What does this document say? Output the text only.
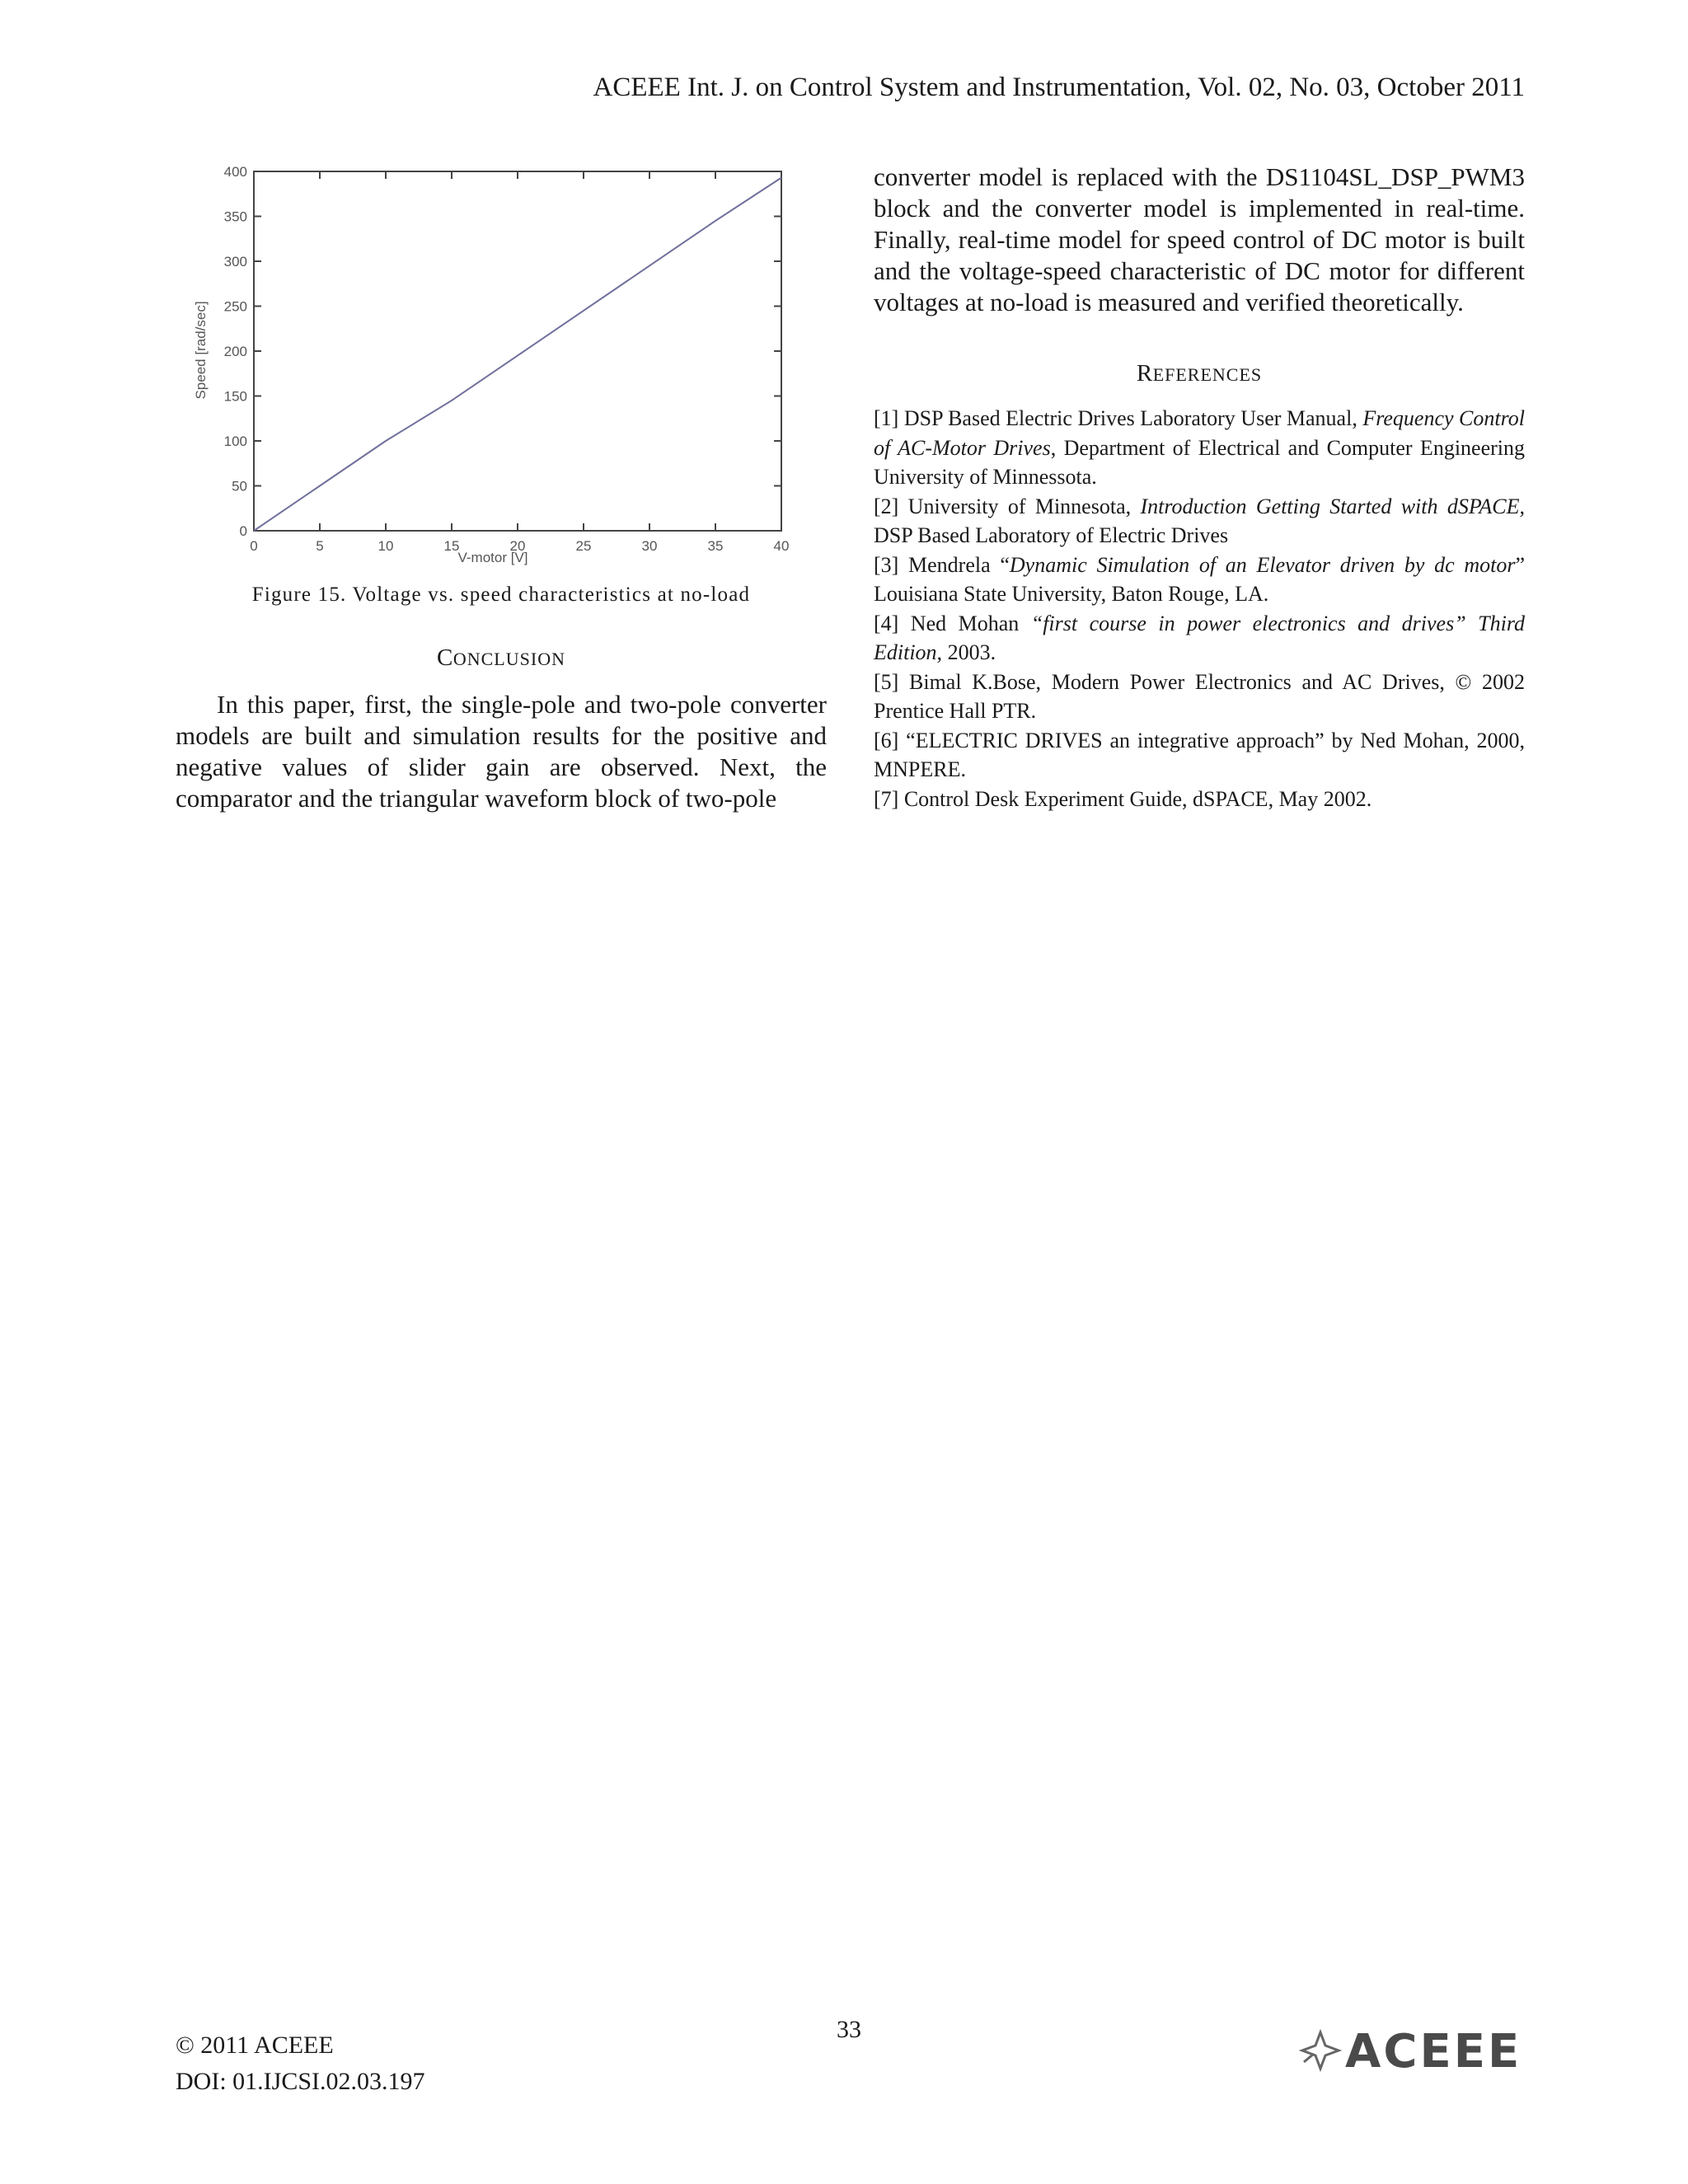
ACEEE Int. J. on Control System and Instrumentation, Vol. 02, No. 03, October 2011
0	5	10	15	20	25	30	35	40
0
50
100
150
200
250
300
350
400
V-motor [V]
Speed [rad/sec]
Figure 15. Voltage vs. speed characteristics at no-load
CONCLUSION

In this paper, first, the single-pole and two-pole converter models are built and simulation results for the positive and negative values of slider gain are observed. Next, the comparator and the triangular waveform block of two-pole

converter model is replaced with the DS1104SL_DSP_PWM3 block and the converter model is implemented in real-time. Finally, real-time model for speed control of DC motor is built and the voltage-speed characteristic of DC motor for different voltages at no-load is measured and verified theoretically.

REFERENCES

[1] DSP Based Electric Drives Laboratory User Manual, Frequency Control of AC-Motor Drives, Department of Electrical and Computer Engineering University of Minnessota.

[2] University of Minnesota, Introduction Getting Started with dSPACE, DSP Based Laboratory of Electric Drives

[3] Mendrela “Dynamic Simulation of an Elevator driven by dc motor” Louisiana State University, Baton Rouge, LA.

[4] Ned Mohan “first course in power electronics and drives” Third Edition, 2003.

[5] Bimal K.Bose, Modern Power Electronics and AC Drives, © 2002 Prentice Hall PTR.

[6] “ELECTRIC DRIVES an integrative approach” by Ned Mohan, 2000, MNPERE.

[7] Control Desk Experiment Guide, dSPACE, May 2002.

© 2011 ACEEE
DOI: 01.IJCSI.02.03.197
33	ACEEE
